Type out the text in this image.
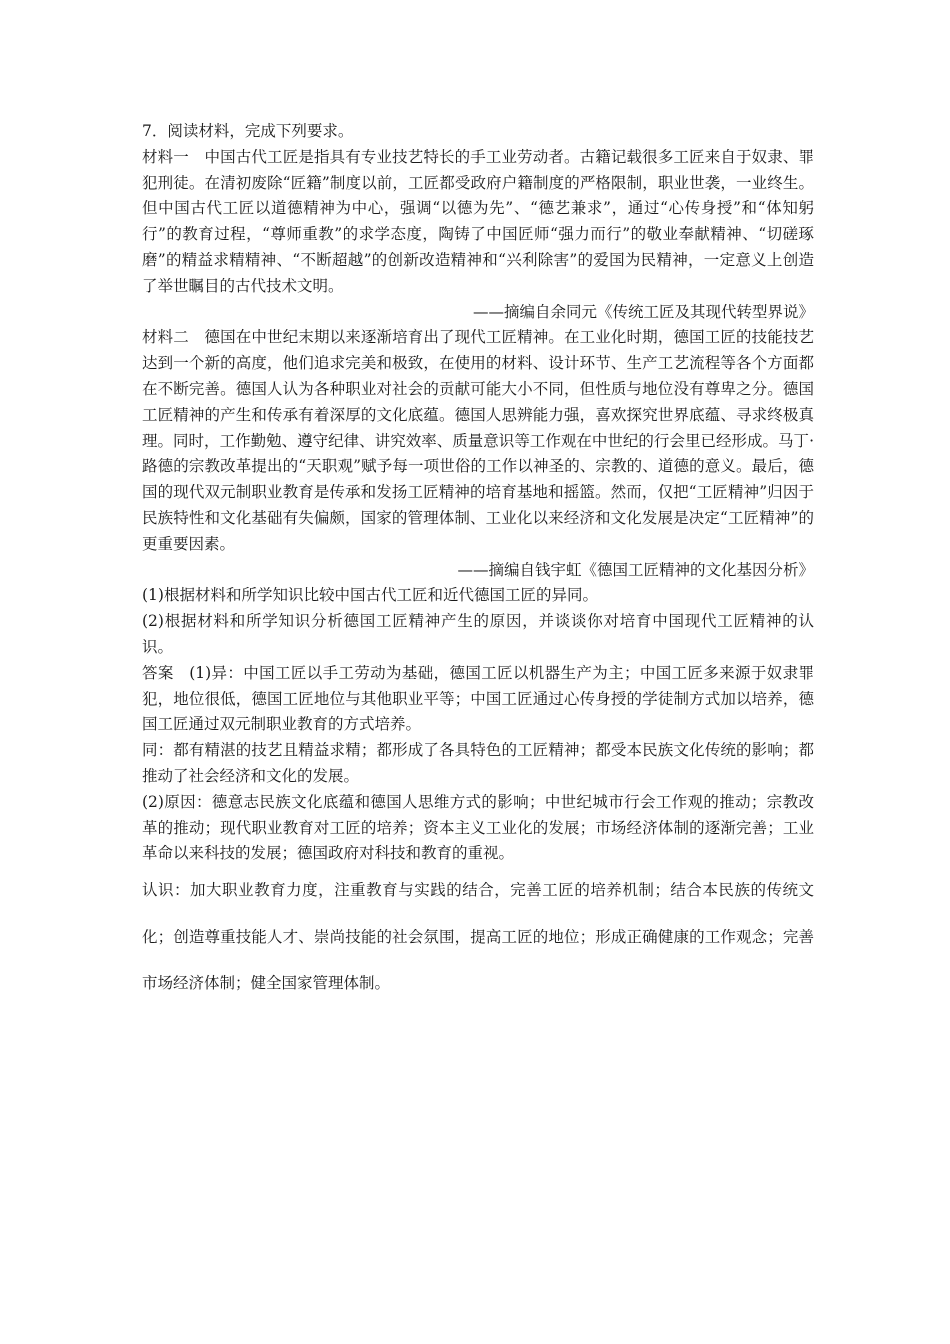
7．阅读材料，完成下列要求。

材料一  中国古代工匠是指具有专业技艺特长的手工业劳动者。古籍记载很多工匠来自于奴隶、罪犯刑徒。在清初废除“匠籍”制度以前，工匠都受政府户籍制度的严格限制，职业世袭，一业终生。但中国古代工匠以道德精神为中心，强调“以德为先”、“德艺兼求”，通过“心传身授”和“体知躬行”的教育过程，“尊师重教”的求学态度，陶铸了中国匠师“强力而行”的敬业奉献精神、“切磋琢磨”的精益求精精神、“不断超越”的创新改造精神和“兴利除害”的爱国为民精神，一定意义上创造了举世瞩目的古代技术文明。

——摘编自余同元《传统工匠及其现代转型界说》

材料二  德国在中世纪末期以来逐渐培育出了现代工匠精神。在工业化时期，德国工匠的技能技艺达到一个新的高度，他们追求完美和极致，在使用的材料、设计环节、生产工艺流程等各个方面都在不断完善。德国人认为各种职业对社会的贡献可能大小不同，但性质与地位没有尊卑之分。德国工匠精神的产生和传承有着深厚的文化底蕴。德国人思辨能力强，喜欢探究世界底蕴、寻求终极真理。同时，工作勤勉、遵守纪律、讲究效率、质量意识等工作观在中世纪的行会里已经形成。马丁·路德的宗教改革提出的“天职观”赋予每一项世俗的工作以神圣的、宗教的、道德的意义。最后，德国的现代双元制职业教育是传承和发扬工匠精神的培育基地和摇篮。然而，仅把“工匠精神”归因于民族特性和文化基础有失偏颇，国家的管理体制、工业化以来经济和文化发展是决定“工匠精神”的更重要因素。

——摘编自钱宇虹《德国工匠精神的文化基因分析》

(1)根据材料和所学知识比较中国古代工匠和近代德国工匠的异同。

(2)根据材料和所学知识分析德国工匠精神产生的原因，并谈谈你对培育中国现代工匠精神的认识。

答案  (1)异：中国工匠以手工劳动为基础，德国工匠以机器生产为主；中国工匠多来源于奴隶罪犯，地位很低，德国工匠地位与其他职业平等；中国工匠通过心传身授的学徒制方式加以培养，德国工匠通过双元制职业教育的方式培养。

同：都有精湛的技艺且精益求精；都形成了各具特色的工匠精神；都受本民族文化传统的影响；都推动了社会经济和文化的发展。

(2)原因：德意志民族文化底蕴和德国人思维方式的影响；中世纪城市行会工作观的推动；宗教改革的推动；现代职业教育对工匠的培养；资本主义工业化的发展；市场经济体制的逐渐完善；工业革命以来科技的发展；德国政府对科技和教育的重视。

认识：加大职业教育力度，注重教育与实践的结合，完善工匠的培养机制；结合本民族的传统文化；创造尊重技能人才、崇尚技能的社会氛围，提高工匠的地位；形成正确健康的工作观念；完善市场经济体制；健全国家管理体制。
